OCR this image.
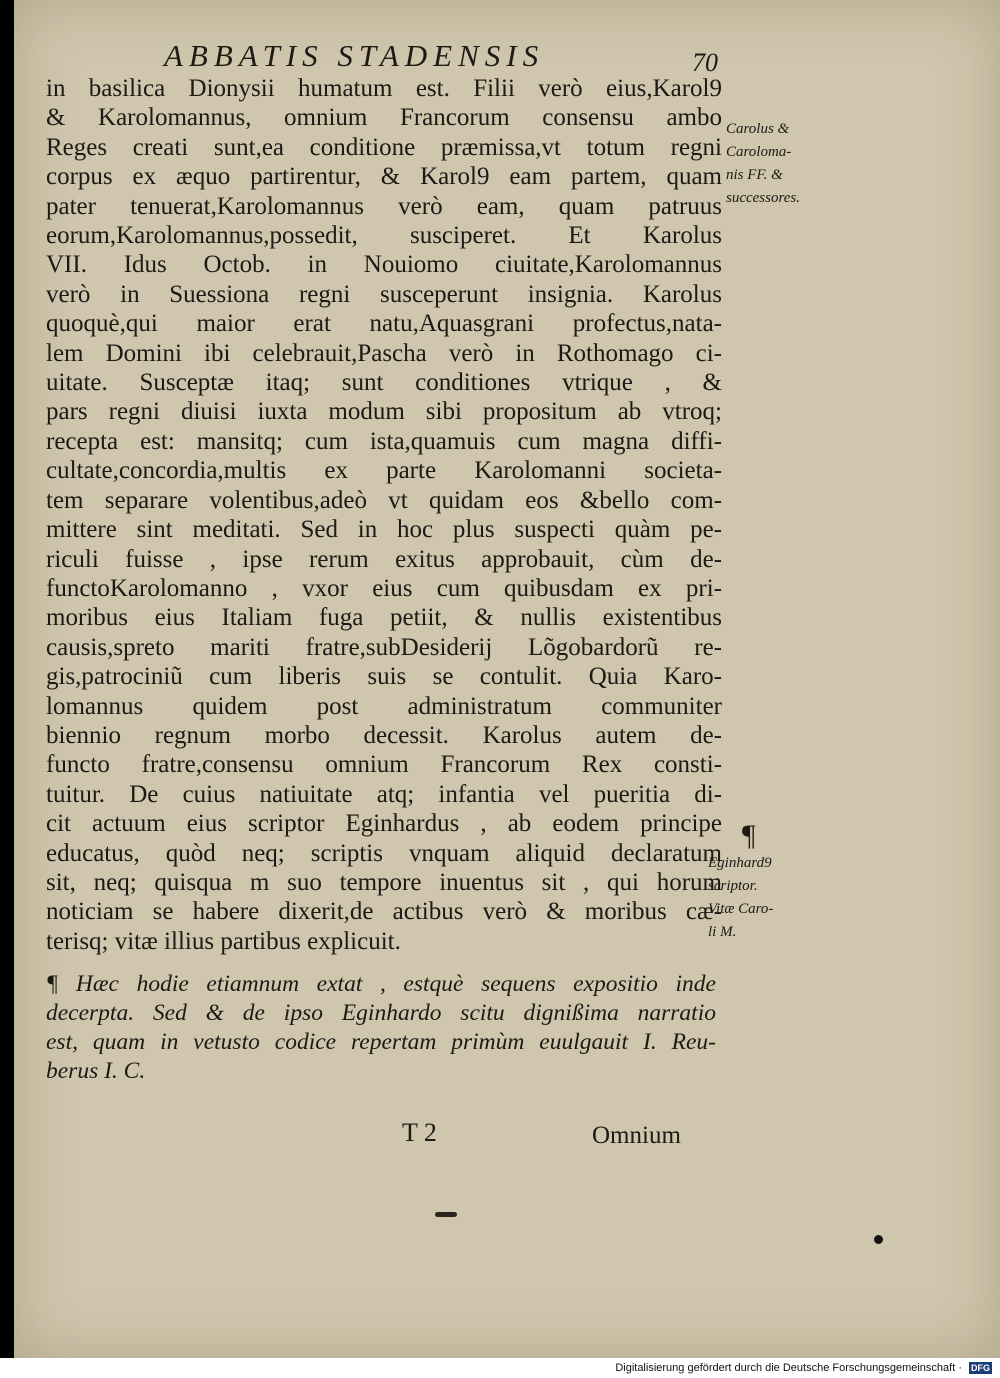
ABBATIS STADENSIS	70
in basilica Dionysii humatum est. Filii verò eius,Karol9
& Karolomannus, omnium Francorum consensu ambo
Reges creati sunt,ea conditione præmissa,vt totum regni
corpus ex æquo partirentur, & Karol9 eam partem, quam
pater tenuerat,Karolomannus verò eam, quam patruus
eorum,Karolomannus,possedit, susciperet. Et Karolus
VII. Idus Octob. in Nouiomo ciuitate,Karolomannus
verò in Suessiona regni susceperunt insignia. Karolus
quoquè,qui maior erat natu,Aquasgrani profectus,nata-
lem Domini ibi celebrauit,Pascha verò in Rothomago ci-
uitate. Susceptæ itaq; sunt conditiones vtrique , &
pars regni diuisi iuxta modum sibi propositum ab vtroq;
recepta est: mansitq; cum ista,quamuis cum magna diffi-
cultate,concordia,multis ex parte Karolomanni societa-
tem separare volentibus,adeò vt quidam eos &bello com-
mittere sint meditati. Sed in hoc plus suspecti quàm pe-
riculi fuisse , ipse rerum exitus approbauit, cùm de-
functoKarolomanno , vxor eius cum quibusdam ex pri-
moribus eius Italiam fuga petiit, & nullis existentibus
causis,spreto mariti fratre,subDesiderij Lõgobardorũ re-
gis,patrociniũ cum liberis suis se contulit. Quia Karo-
lomannus quidem post administratum communiter
biennio regnum morbo decessit. Karolus autem de-
functo fratre,consensu omnium Francorum Rex consti-
tuitur. De cuius natiuitate atq; infantia vel pueritia di-
cit actuum eius scriptor Eginhardus , ab eodem principe
educatus, quòd neq; scriptis vnquam aliquid declaratum
sit, neq; quisqua m suo tempore inuentus sit , qui horum
noticiam se habere dixerit,de actibus verò & moribus cæ-
terisq; vitæ illius partibus explicuit.
Carolus &
Caroloma-
nis FF. &
successores.
¶
Eginhard9
scriptor.
Vitæ Caro-
li M.
¶ Hæc hodie etiamnum extat , estquè sequens expositio inde
decerpta. Sed & de ipso Eginhardo scitu dignißima narratio
est, quam in vetusto codice repertam primùm euulgauit I. Reu-
berus I. C.
T 2	Omnium
Digitalisierung gefördert durch die Deutsche Forschungsgemeinschaft · DFG
